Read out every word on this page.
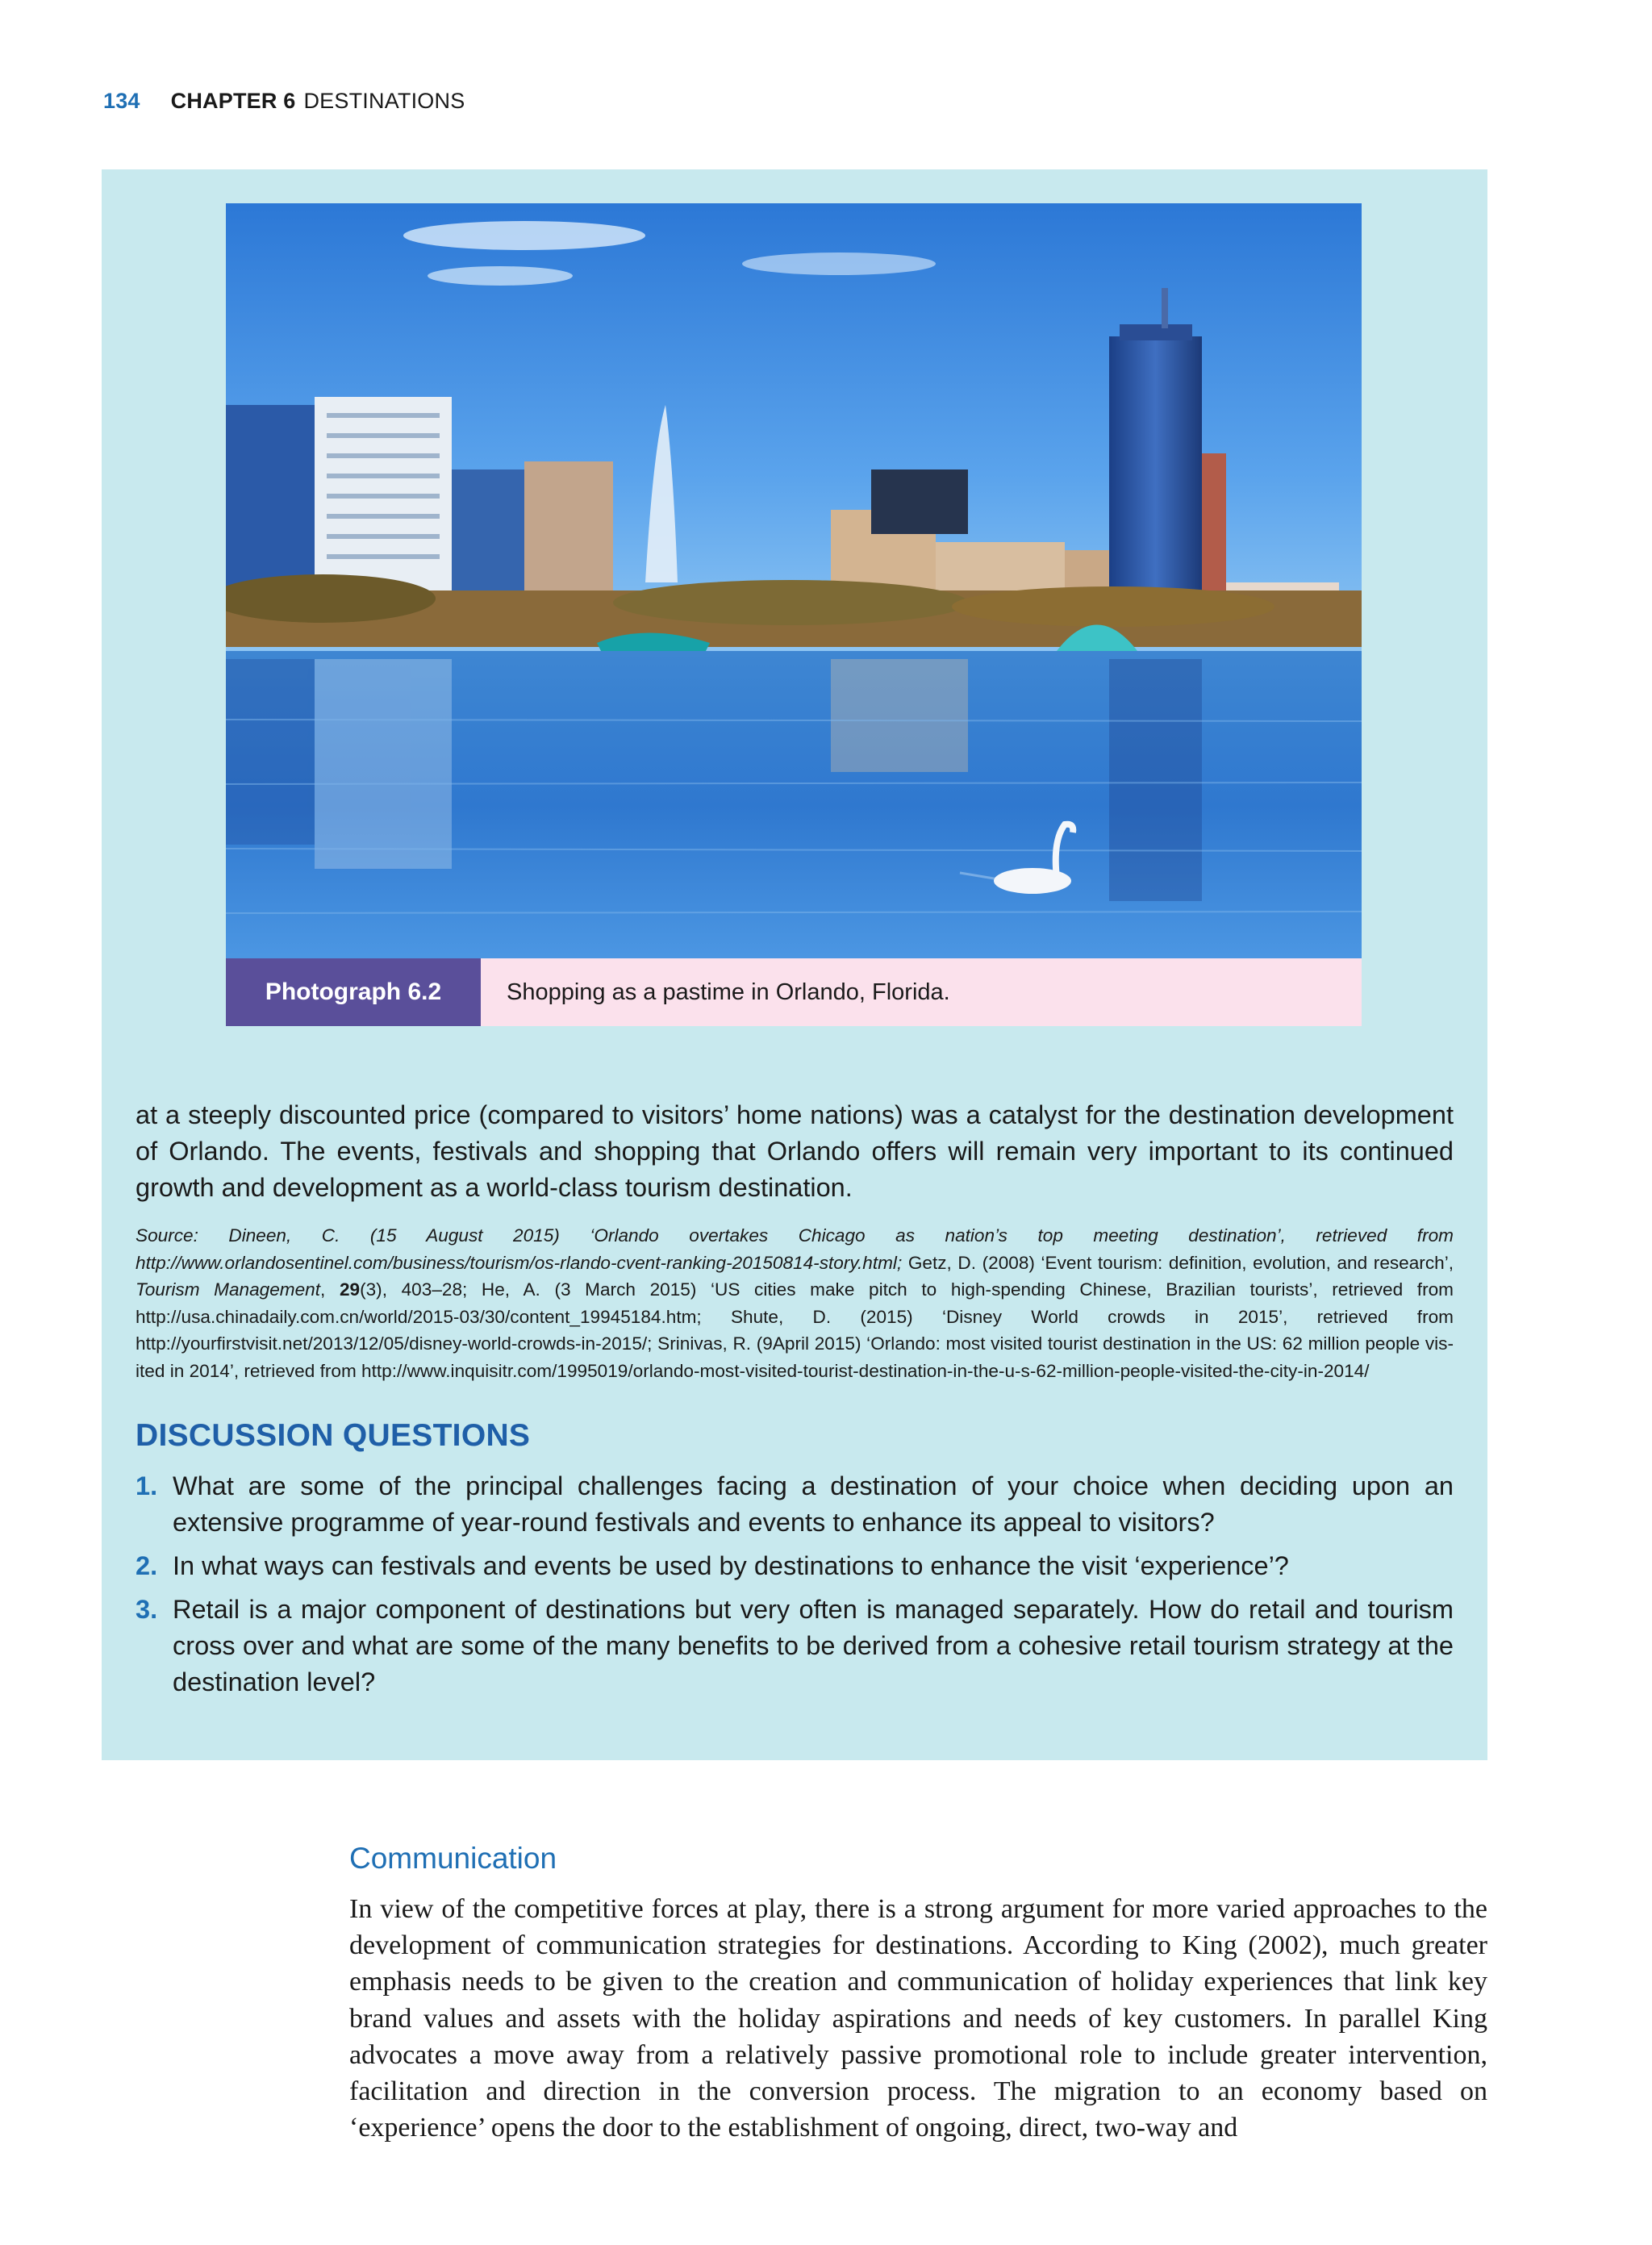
134 CHAPTER 6 DESTINATIONS
Photograph 6.2	Shopping as a pastime in Orlando, Florida.

at a steeply discounted price (compared to visitors’ home nations) was a catalyst for the destination development of Orlando. The events, festivals and shopping that Orlando offers will remain very important to its continued growth and development as a world-class tourism destination.

Source: Dineen, C. (15 August 2015) ‘Orlando overtakes Chicago as nation’s top meeting destination’, retrieved from http://www.orlandosentinel.com/business/tourism/os-rlando-cvent-ranking-20150814-story.html; Getz, D. (2008) ‘Event tourism: definition, evolution, and research’, Tourism Management, 29(3), 403–28; He, A. (3 March 2015) ‘US cities make pitch to high-spending Chinese, Brazilian tourists’, retrieved from http://usa.chinadaily.com.cn/world/2015-03/30/content_19945184.htm; Shute, D. (2015) ‘Disney World crowds in 2015’, retrieved from http://yourfirstvisit.net/2013/12/05/disney-world-crowds-in-2015/; Srinivas, R. (9April 2015) ‘Orlando: most visited tourist destination in the US: 62 million people visited in 2014’, retrieved from http://www.inquisitr.com/1995019/orlando-most-visited-tourist-destination-in-the-u-s-62-million-people-visited-the-city-in-2014/

DISCUSSION QUESTIONS
1. What are some of the principal challenges facing a destination of your choice when deciding upon an extensive programme of year-round festivals and events to enhance its appeal to visitors?
2. In what ways can festivals and events be used by destinations to enhance the visit ‘experience’?
3. Retail is a major component of destinations but very often is managed separately. How do retail and tourism cross over and what are some of the many benefits to be derived from a cohesive retail tourism strategy at the destination level?
Communication

In view of the competitive forces at play, there is a strong argument for more varied approaches to the development of communication strategies for destinations. According to King (2002), much greater emphasis needs to be given to the creation and communication of holiday experiences that link key brand values and assets with the holiday aspirations and needs of key customers. In parallel King advocates a move away from a relatively passive promotional role to include greater intervention, facilitation and direction in the conversion process. The migration to an economy based on ‘experience’ opens the door to the establishment of ongoing, direct, two-way and
